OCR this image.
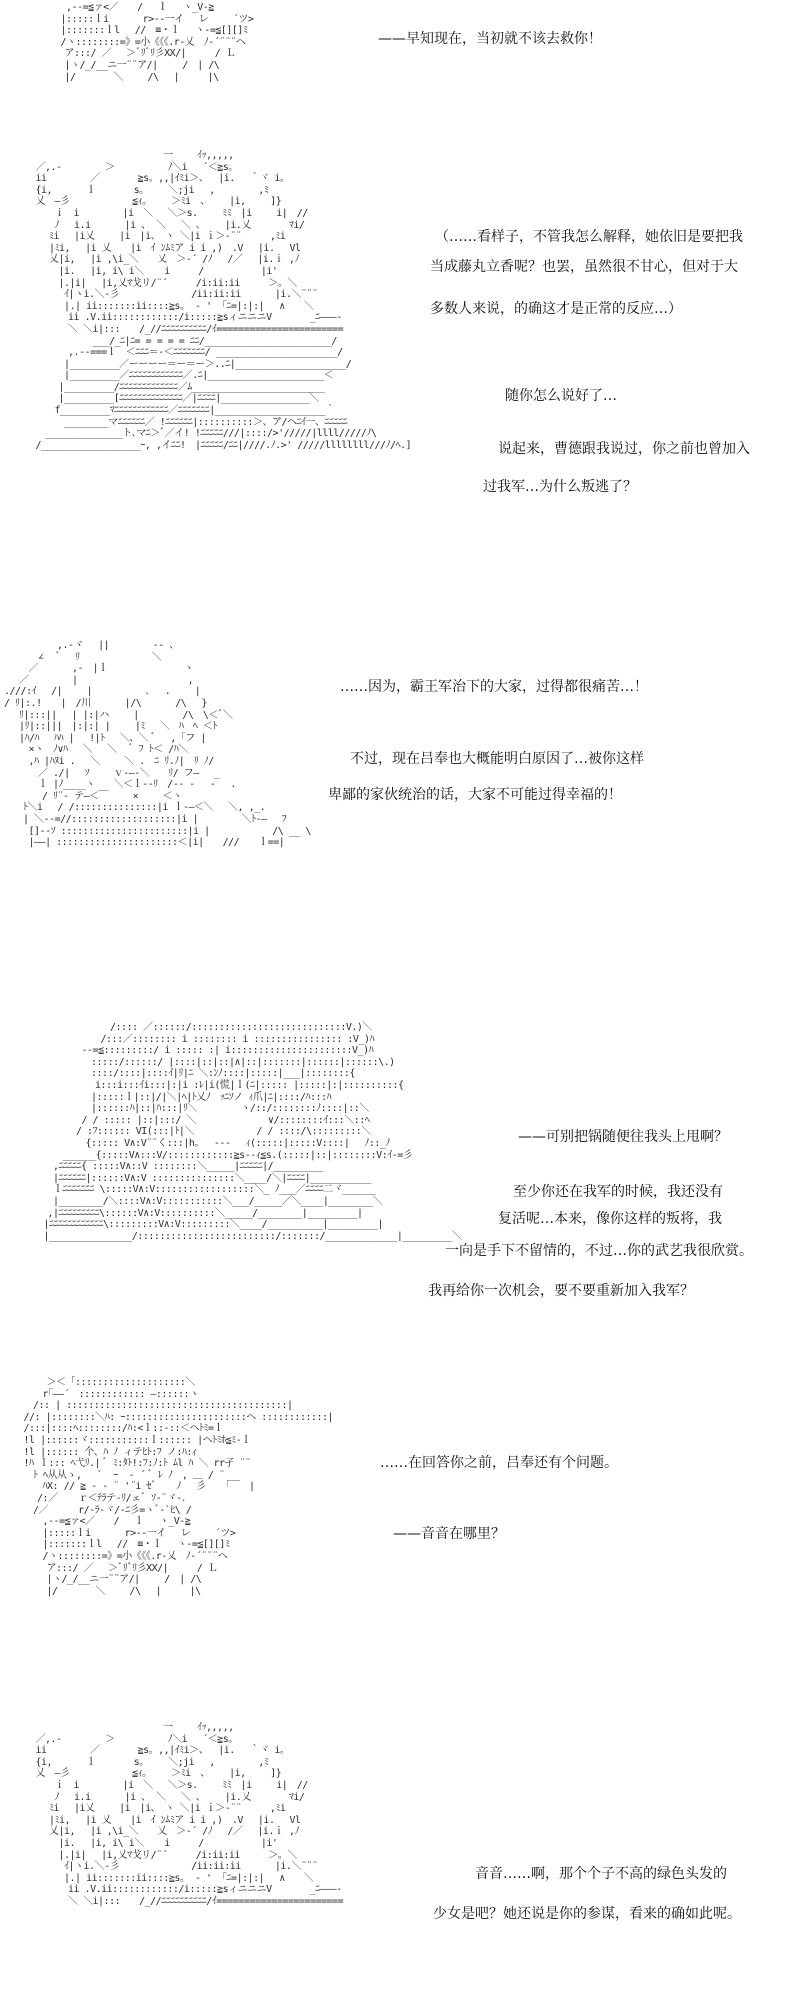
,--=≦ァ<／　　/　 ｌ　 ヽ_V-≧
|:::::ｌi　　 　r>--一イ　 レ　 　´ツ>
|:::::::ｌl　 //　≡・ｌ　 ヽ-=≦[][]ﾐ
/ヽ::::::::=》=小《《《.r-乂　ﾉ-´¨¨¨ヘ
　ア:::/ ／　 ＞ﾞﾘﾞﾘ彡XX/|　　　/ Ｌ
　|ヽ/_/__ニ一¨¨ア/|　 　/　| /\
　|/　　　　＼　 　/\　 |　　　|\

——早知现在，当初就不该去救你！

　　　　　　　　　　　　　　一　　 ｲｯ,,,,,
／,.-　　　　 ＞　　　　　 ﾉ＼i　 ´＜≧s。
ii　　　　 ／　　　　≧s。,,|ｲﾐi＞、　 |i.　 ｀ヾ i。
{i,　　　 ｌ　　　　s。　　 ＼;ji　 ,　　　　 ,ﾐ
乂　―彡　　　　　　 ≦ｨ。　　 ＞ﾐi　、　　 |i,　　 ]}
　　 ｉ　i　　　　 |i　＼　 ＼＞s.　　 ﾐﾐ　|i　　 i|　//
　　 ﾉ　 i.i　　　 |i 、 ＼　 ＼ 、　　 |i.乂　　　　ﾏi/
　　ﾐi　 |i乂　　 |i　|i、　ヽ ＼|i ｉ＞-¨¨　　　,ﾐi
　　|ﾐi,　 |i 乂　　|i　ｲ ﾝﾑﾐア i i ,)　.V　 |i.　 Vl
　　乂|i,　 |i ,\i_＼　　乂　＞-´ /ﾉ　 /／ 　|i.ｉ ,ﾉ
　　　|i.　 |i, i\ i＼ 　 i　　　/　　　　　　|i'
　　　|.|i|　 |i,乂ﾏ戈リ/¨´　　　/i:ii:ii　　　＞。＼
　　　 ｲ|ヽi.＼-彡　　　　　　　 /ii:ii:ii　　　 |i.＼¨¨¨
　　　 |.| ii:::::::ii::::≧s。 ‐ ' 「ﾆ=|:|:|　 ∧　　＼
　　　　ii .V.ii::::::::::::/i:::::≧sィニニニV　　　　_ﾆ―――‐
　　　　＼ ＼i|:::　　/_//ﾆﾆﾆﾆﾆﾆﾆﾆﾆﾆ/ｲ=======================
　　　　　　 ___/_ﾆ|ﾆ= = = = = ﾆﾆ/_______________________/
　　　　,.--===ｌ　＜ﾆﾆﾆ＝-＜ﾆﾆﾆﾆﾆﾆﾆ/ ______________________/
　　　 |_________／ーーーー＝ー＝ー＞..ﾆ|____________________/
　　　 |_________／ﾆﾆﾆﾆﾆﾆﾆﾆﾆﾆﾆﾆ／.ﾆ|_____________________＜
　　　|_________/ﾆﾆﾆﾆﾆﾆﾆﾆﾆﾆﾆﾆﾆ／ﾑ________________________
　　　|_________[ﾆﾆﾆﾆﾆﾆﾆﾆﾆﾆﾆﾆﾆﾆ／|ﾆﾆﾆﾆ|________________＼
　　 f_________ﾏﾆﾆﾆﾆﾆﾆﾆﾆﾆﾆﾆﾆ／ﾆﾆﾆﾆﾆﾆﾆ|____________________｀
　　　 ________マﾆﾆﾆﾆﾆﾆ／ !ﾆﾆﾆﾆﾆﾆ|::::::::::＞、ア/ヘﾆｲ一、ﾆﾆﾆﾆﾆ
　 ______________ト､マﾆ＞ﾞ／イ! !ﾆﾆﾆﾆﾆ///|::::/>'/////|llll/////ﾉ\
/__________________ｰ, ,イﾆﾆ!　|ﾆﾆﾆﾆﾆ/ﾆﾆ|////.ﾉ.>' /////llllllll///ﾉ/ﾍ.]

（……看样子，不管我怎么解释，她依旧是要把我

当成藤丸立香呢？也罢，虽然很不甘心，但对于大

多数人来说，的确这才是正常的反应…）

随你怎么说好了…

说起来，曹德跟我说过，你之前也曾加入

过我军…为什么叛逃了？

　　　　　 ,.-ヾ　 ||　　　　 -- 、
　　　 ∠　 ﾞ　 ﾘ　　　　　　　 ＼
　　 ／　　　 ,-　|ｌ　　　　　　　　ヽ
　 ／　　　　 |　　　　　　　　　　　 ,
.///:ｲ　 /|　　 |　　　　　 ､　 .　　 |
/ ﾘ|:.!　　|　/川　　　 |/\　　　 /\　 }
　 ﾘ|:::||　 | |:|ハ　　 |　　　　 /\　\＜ﾞ＼
　 |ﾘ|::|||　|:|:| |　 　|ﾐ　 ＼　ﾊ　ﾍ ＜ﾄ
　 |ﾊ/ﾊ　 ﾊﾊ |　 !|ﾄ　 ＼、＼ ﾞ　 ,「フ |
　　 ×ヽ　ﾉ∨ﾊ　 ＼　 ＼　 ﾞ ﾌ ﾄ＜ /ﾊ＼
　　 ,ﾊ |ﾊﾇi .　 ＼　　 ＼ .　ﾆ ﾘ.ﾉ|　ﾘ ﾉ/
　　　 ／ ./|　 ｿ　　 ｖ-―-＼　　ﾘ/ フ―　 _
　　　 ｌ |ﾉ____ヽ　　＼＜ｌ--ﾘ　/-- -　 ‐　 .
　　　　/ ﾘ¨‐ テ―＜￣　　 ×　　 ＜ヽ
　　ﾄ＼i　 / /:::::::::::::::|i ｌ-―＜＼　 ＼, ,_.
　　| ＼-‐=//:::::::::::::::::::|i |　　　　 ＼ﾄ-―　 ﾌ
　　 []--ｿ :::::::::::::::::::::::|i |　　　　　　 /\ __ \
　　 |――| ::::::::::::::::::::::＜|i|　　///　　ｌ==|

……因为，霸王军治下的大家，过得都很痛苦…！

不过，现在吕奉也大概能明白原因了…被你这样

卑鄙的家伙统治的话，大家不可能过得幸福的！

　　　　　　　 /:::: ／::::::/::::::::::::::::::::::::::::V.)＼
　　　　　　 /:::／:::::::: i :::::::: i :::::::::::::::: :V_)ﾊ
　　　　 --=≦:::::::::/ i ::::: :| i::::::::::::::::::::::V_)ﾊ
　　　　　 :::::/::::::/ |::::|::|::|∧|::|:::::::|::::::|::::::\.)
　　　　　 ::::/::::|::::ｲ|ﾘ|ﾆ ＼:ﾝﾉ::::|:::::|___|::::::::{
　　　　　　i:::i:::ｲi:::|:|i :ﾚ|i(慌|ｌ(ﾆ|::::: |:::::|:|::::::::::{
　　　　　 |:::::ｌ|::|/|＼|ﾍ|ﾄ乂ﾉ　ｯﾆｿノ ｨ爪|ﾆ|::::/ﾊ:::ﾊ
　　　　　 |::::::ﾊ|::|ﾊ:::|ﾘ＼　　　　 ヽ/::/::::::::ﾉ::::|::＼
　　　　 / / ::::: |::|:::/ ＼　　　　　　　 ∨/::::::::ｲ:::＼::ﾍ
　　　　/ :ﾌ:::::: VI(:::|ﾄ|＼　　　　　　 / / ::::/\:::::::::＼
　　　　　{::::: V∧:V¨¨く:::|h。　 ‐‐‐　 ｨ(:::::|:::::V::::|　 ﾉ::_ﾉ
　　 ______{:::::V∧:::V/::::::::::::≧s--ｨ≦s.(:::::|::|::::::::V:ｲ-=彡
　 ,ﾆﾆﾆﾆﾆ{ :::::V∧::V ::::::::＼_____|ﾆﾆﾆﾆﾆ|/_________
　 |ﾆﾆﾆﾆﾆﾆ|::::::V∧:V :::::::::::::::＼____/＼|ﾆﾆﾆﾆ|___________
　 ｌﾆﾆﾆﾆﾆﾆﾆ \:::::V∧:V::::::::::::::::::＼_ ﾉ___／ﾆﾆﾆﾆ二ヾ______
　 |________/＼::::V∧:V:::::::::::＼___/_____／＼____|________＼
　,|ﾆﾆﾆﾆﾆﾆﾆﾆﾆ\::::::V∧:V::::::::::＼_____/________|_________|
|ﾆﾆﾆﾆﾆﾆﾆﾆﾆﾆﾆﾆ\:::::::::V∧:V:::::::::＼____/__________|_________|
|_______________/:::::::::::::::::::::::::/:::::::/_____________|_________＼

——可别把锅随便往我头上甩啊？

至少你还在我军的时候，我还没有

复活呢…本来，像你这样的叛将，我

一向是手下不留情的，不过…你的武艺我很欣赏。

我再给你一次机会，要不要重新加入我军？

　　　＞＜「::::::::::::::::::::＼
　　 r｢――´　:::::::::::: ―::::::ヽ
　 /:: | ::::::::::::::::::::::::::::::::::::::::|
//: |::::::::＼ﾊ: ｰ::::::::::::::::::::::ヘ ::::::::::::|
/:::|::::ﾍ::::::::/ﾊ:<ｌ::-::＜ヘﾄﾐ=ｌ
!l |::::::ヾ:::::::::::ｌ:::::: |ヘﾄﾐﾎ≦ﾐ-ｌ
!l |:::::: 个、ﾊ ﾉ ィテﾋﾄ:ﾌ ノ:ﾊ:ｨ
!ﾊ ｌ::: ﾍ弋ﾘ.| ﾞ ﾐ:ﾀﾄ!:ﾌ:ﾉ:ﾄ ﾑl ﾊ ＼ rr孑 ¨¨
　 ﾄ ﾍ从从ゝ,　 `  ｰ  ‐ ´ ﾞ ﾚ ﾉ　, ＿ / ¨
　　 ﾊX: // ≧ ‐ ‐ ¨ '̈ i ｾﾞ 　 ﾉ　 彡　 「￣　|
　　/:／ 　 ｒ＜ﾃﾗテ-ﾘ/ェﾞ ｿ-¨ヾ-､
　 /／　 　 r/-ﾗ-ヾ/-ﾆ彡=ヽﾞ-`ﾋ\ /
　　 ,--=≦ァ<／　　/　 ｌ　 ヽ_V-≧
　　 |:::::ｌi　　 　r>--一イ　 レ　 　´ツ>
　　 |:::::::ｌl　 //　≡・ｌ　 ヽ-=≦[][]ﾐ
　　 /ヽ::::::::=》=小《《《.r-乂　ﾉ-´¨¨¨ヘ
　　　ア:::/ ／　 ＞ﾞﾘﾞﾘ彡XX/|　　　/ Ｌ
　　　|ヽ/_/__ニ一¨¨ア/|　 　/　| /\
　　　|/　　　　＼　 　/\　 |　　　|\

……在回答你之前，吕奉还有个问题。

——音音在哪里？

　　　　　　　　　　　　　　一　　 ｲｯ,,,,,
／,.-　　　　 ＞　　　　　 ﾉ＼i　 ´＜≧s。
ii　　　　 ／　　　　≧s。,,|ｲﾐi＞、　 |i.　 ｀ヾ i。
{i,　　　 ｌ　　　　s。　　 ＼;ji　 ,　　　　 ,ﾐ
乂　―彡　　　　　　 ≦ｨ。　　 ＞ﾐi　、　　 |i,　　 ]}
　　 ｉ　i　　　　 |i　＼　 ＼＞s.　　 ﾐﾐ　|i　　 i|　//
　　 ﾉ　 i.i　　　 |i 、 ＼　 ＼ 、　　 |i.乂　　　　ﾏi/
　　ﾐi　 |i乂　　 |i　|i、　ヽ ＼|i ｉ＞-¨¨　　　,ﾐi
　　|ﾐi,　 |i 乂　　|i　ｲ ﾝﾑﾐア i i ,)　.V　 |i.　 Vl
　　乂|i,　 |i ,\i_＼　　乂　＞-´ /ﾉ　 /／ 　|i.ｉ ,ﾉ
　　　|i.　 |i, i\ i＼ 　 i　　　/　　　　　　|i'
　　　|.|i|　 |i,乂ﾏ戈リ/¨´　　　/i:ii:ii　　　＞。＼
　　　 ｲ|ヽi.＼-彡　　　　　　　 /ii:ii:ii　　　 |i.＼¨¨¨
　　　 |.| ii:::::::ii::::≧s。 ‐ ' 「ﾆ=|:|:|　 ∧　　＼
　　　　ii .V.ii::::::::::::/i:::::≧sィニニニV　　　　_ﾆ―――‐
　　　　＼ ＼i|:::　　/_//ﾆﾆﾆﾆﾆﾆﾆﾆﾆﾆ/ｲ=======================

音音……啊，那个个子不高的绿色头发的

少女是吧？她还说是你的参谋，看来的确如此呢。
